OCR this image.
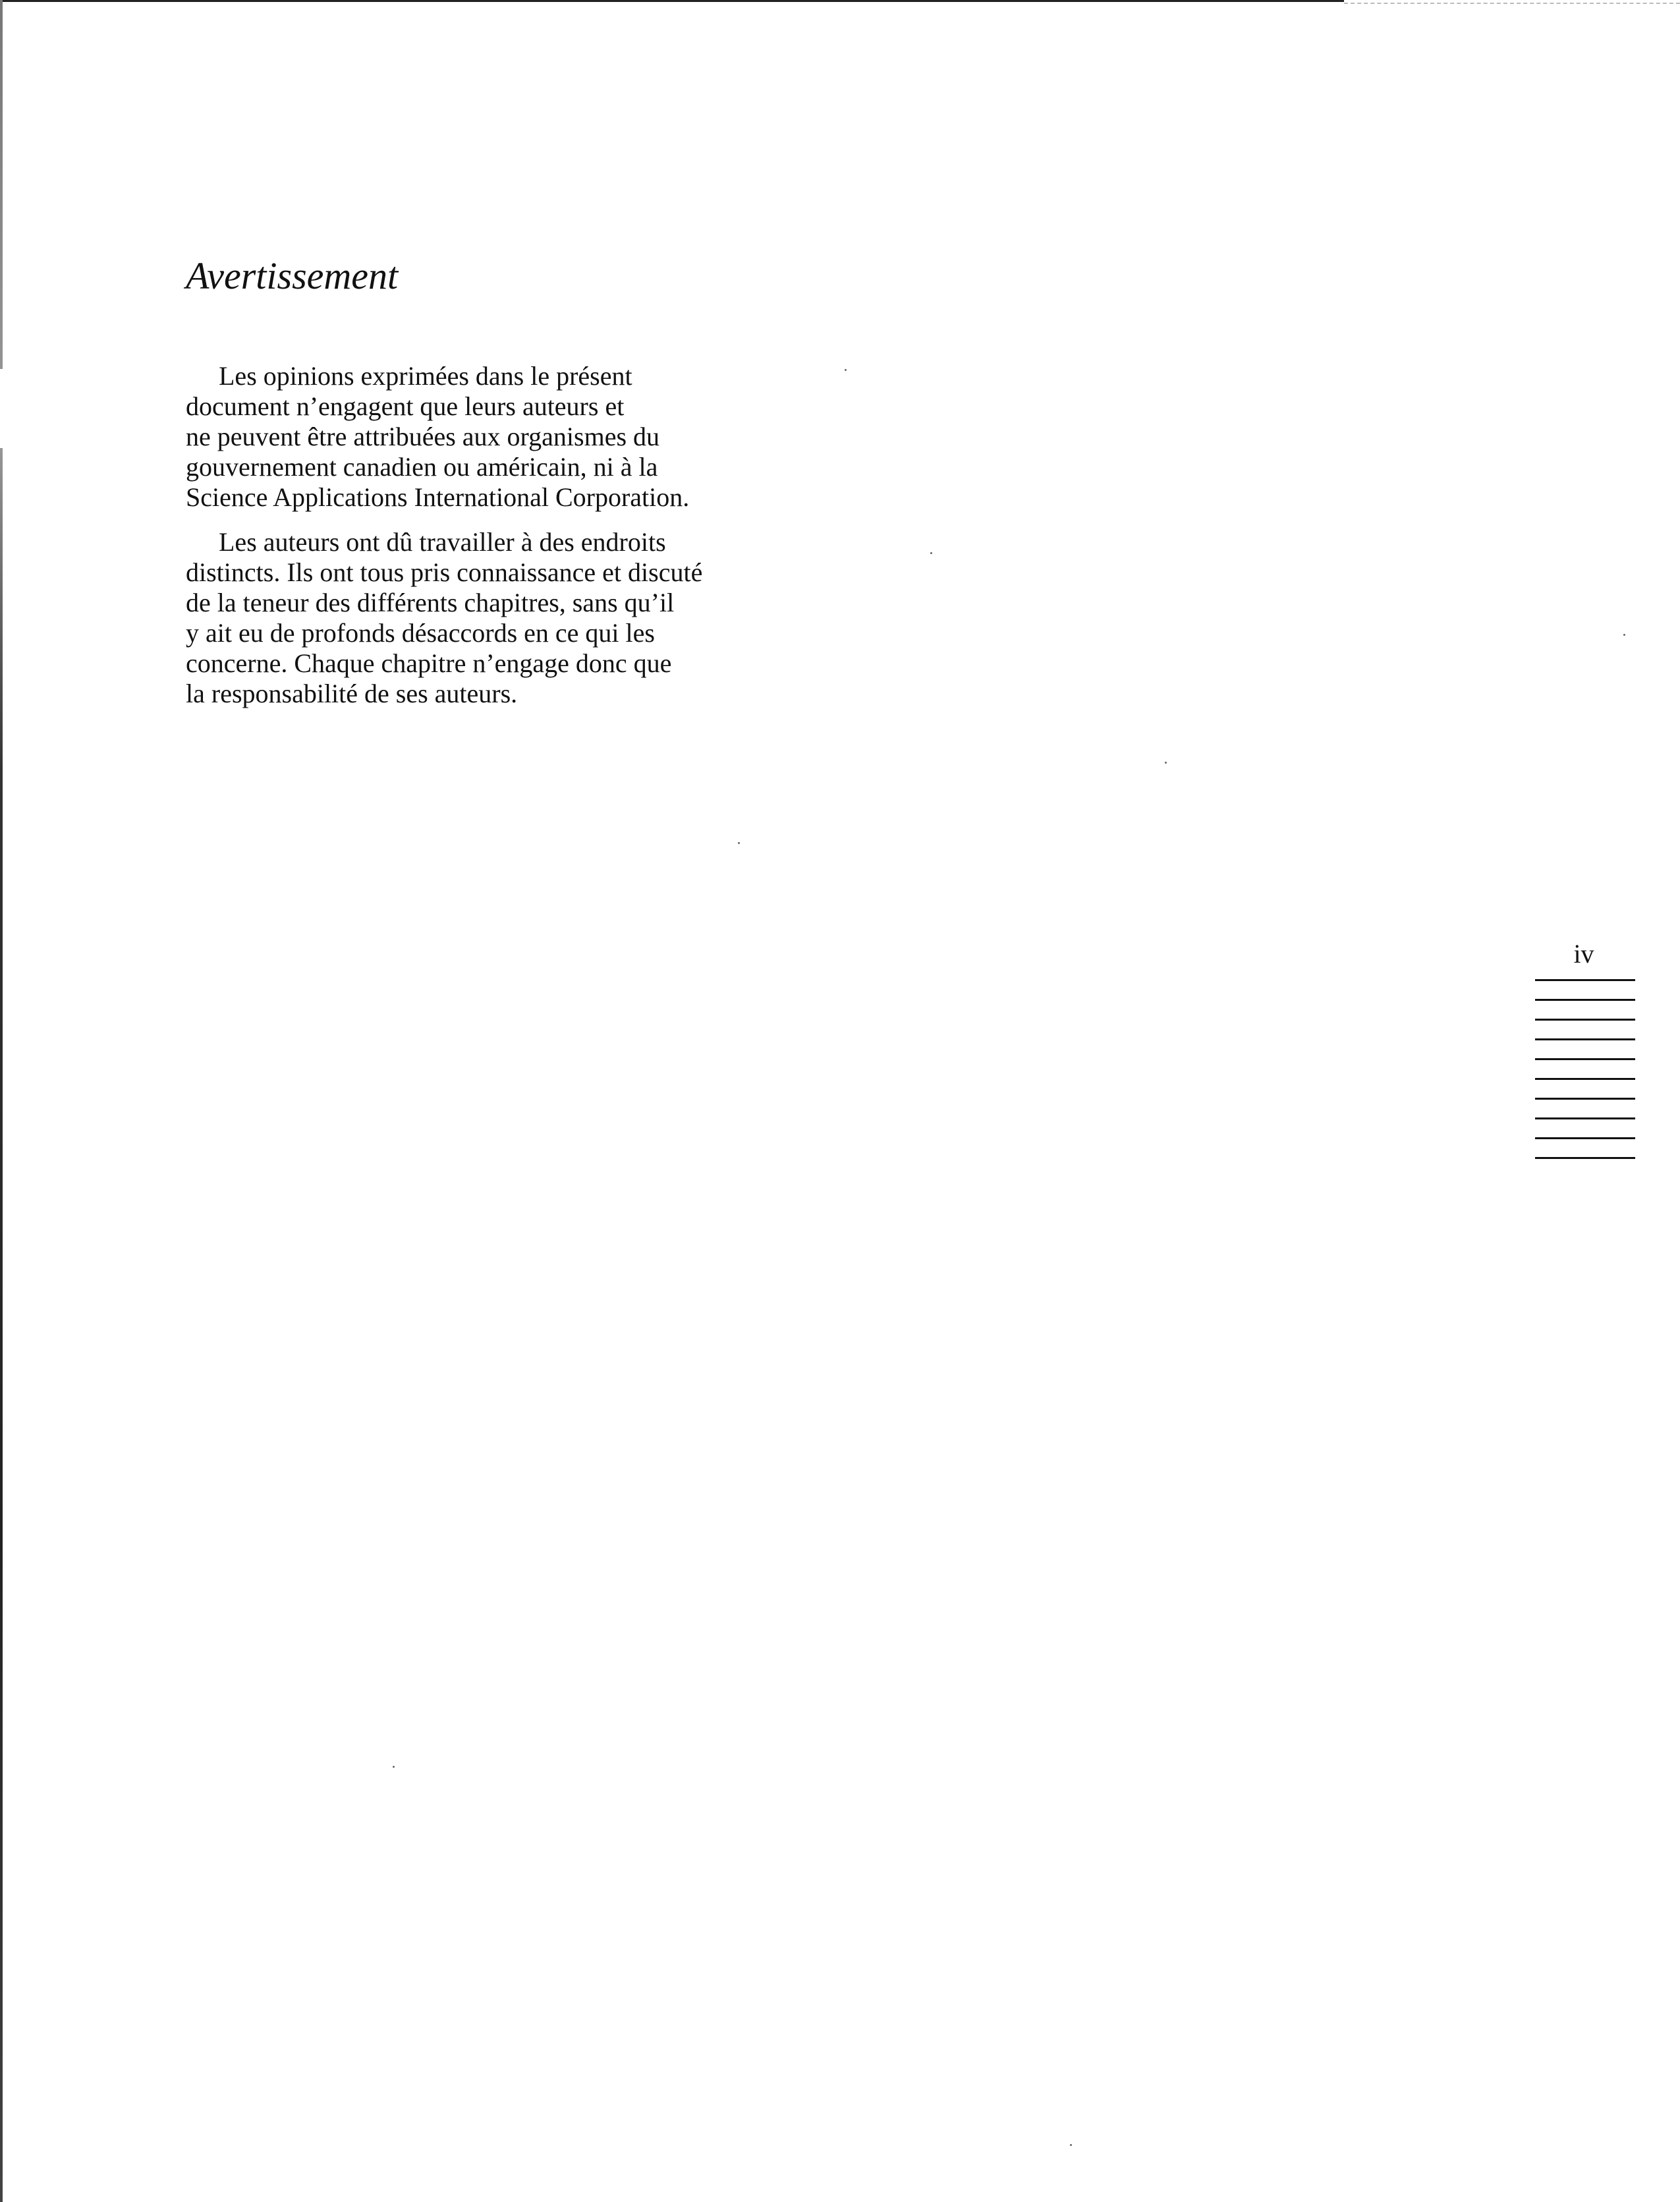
Avertissement

Les opinions exprimées dans le présent
document n’engagent que leurs auteurs et
ne peuvent être attribuées aux organismes du
gouvernement canadien ou américain, ni à la
Science Applications International Corporation.

Les auteurs ont dû travailler à des endroits
distincts. Ils ont tous pris connaissance et discuté
de la teneur des différents chapitres, sans qu’il
y ait eu de profonds désaccords en ce qui les
concerne. Chaque chapitre n’engage donc que
la responsabilité de ses auteurs.

iv
